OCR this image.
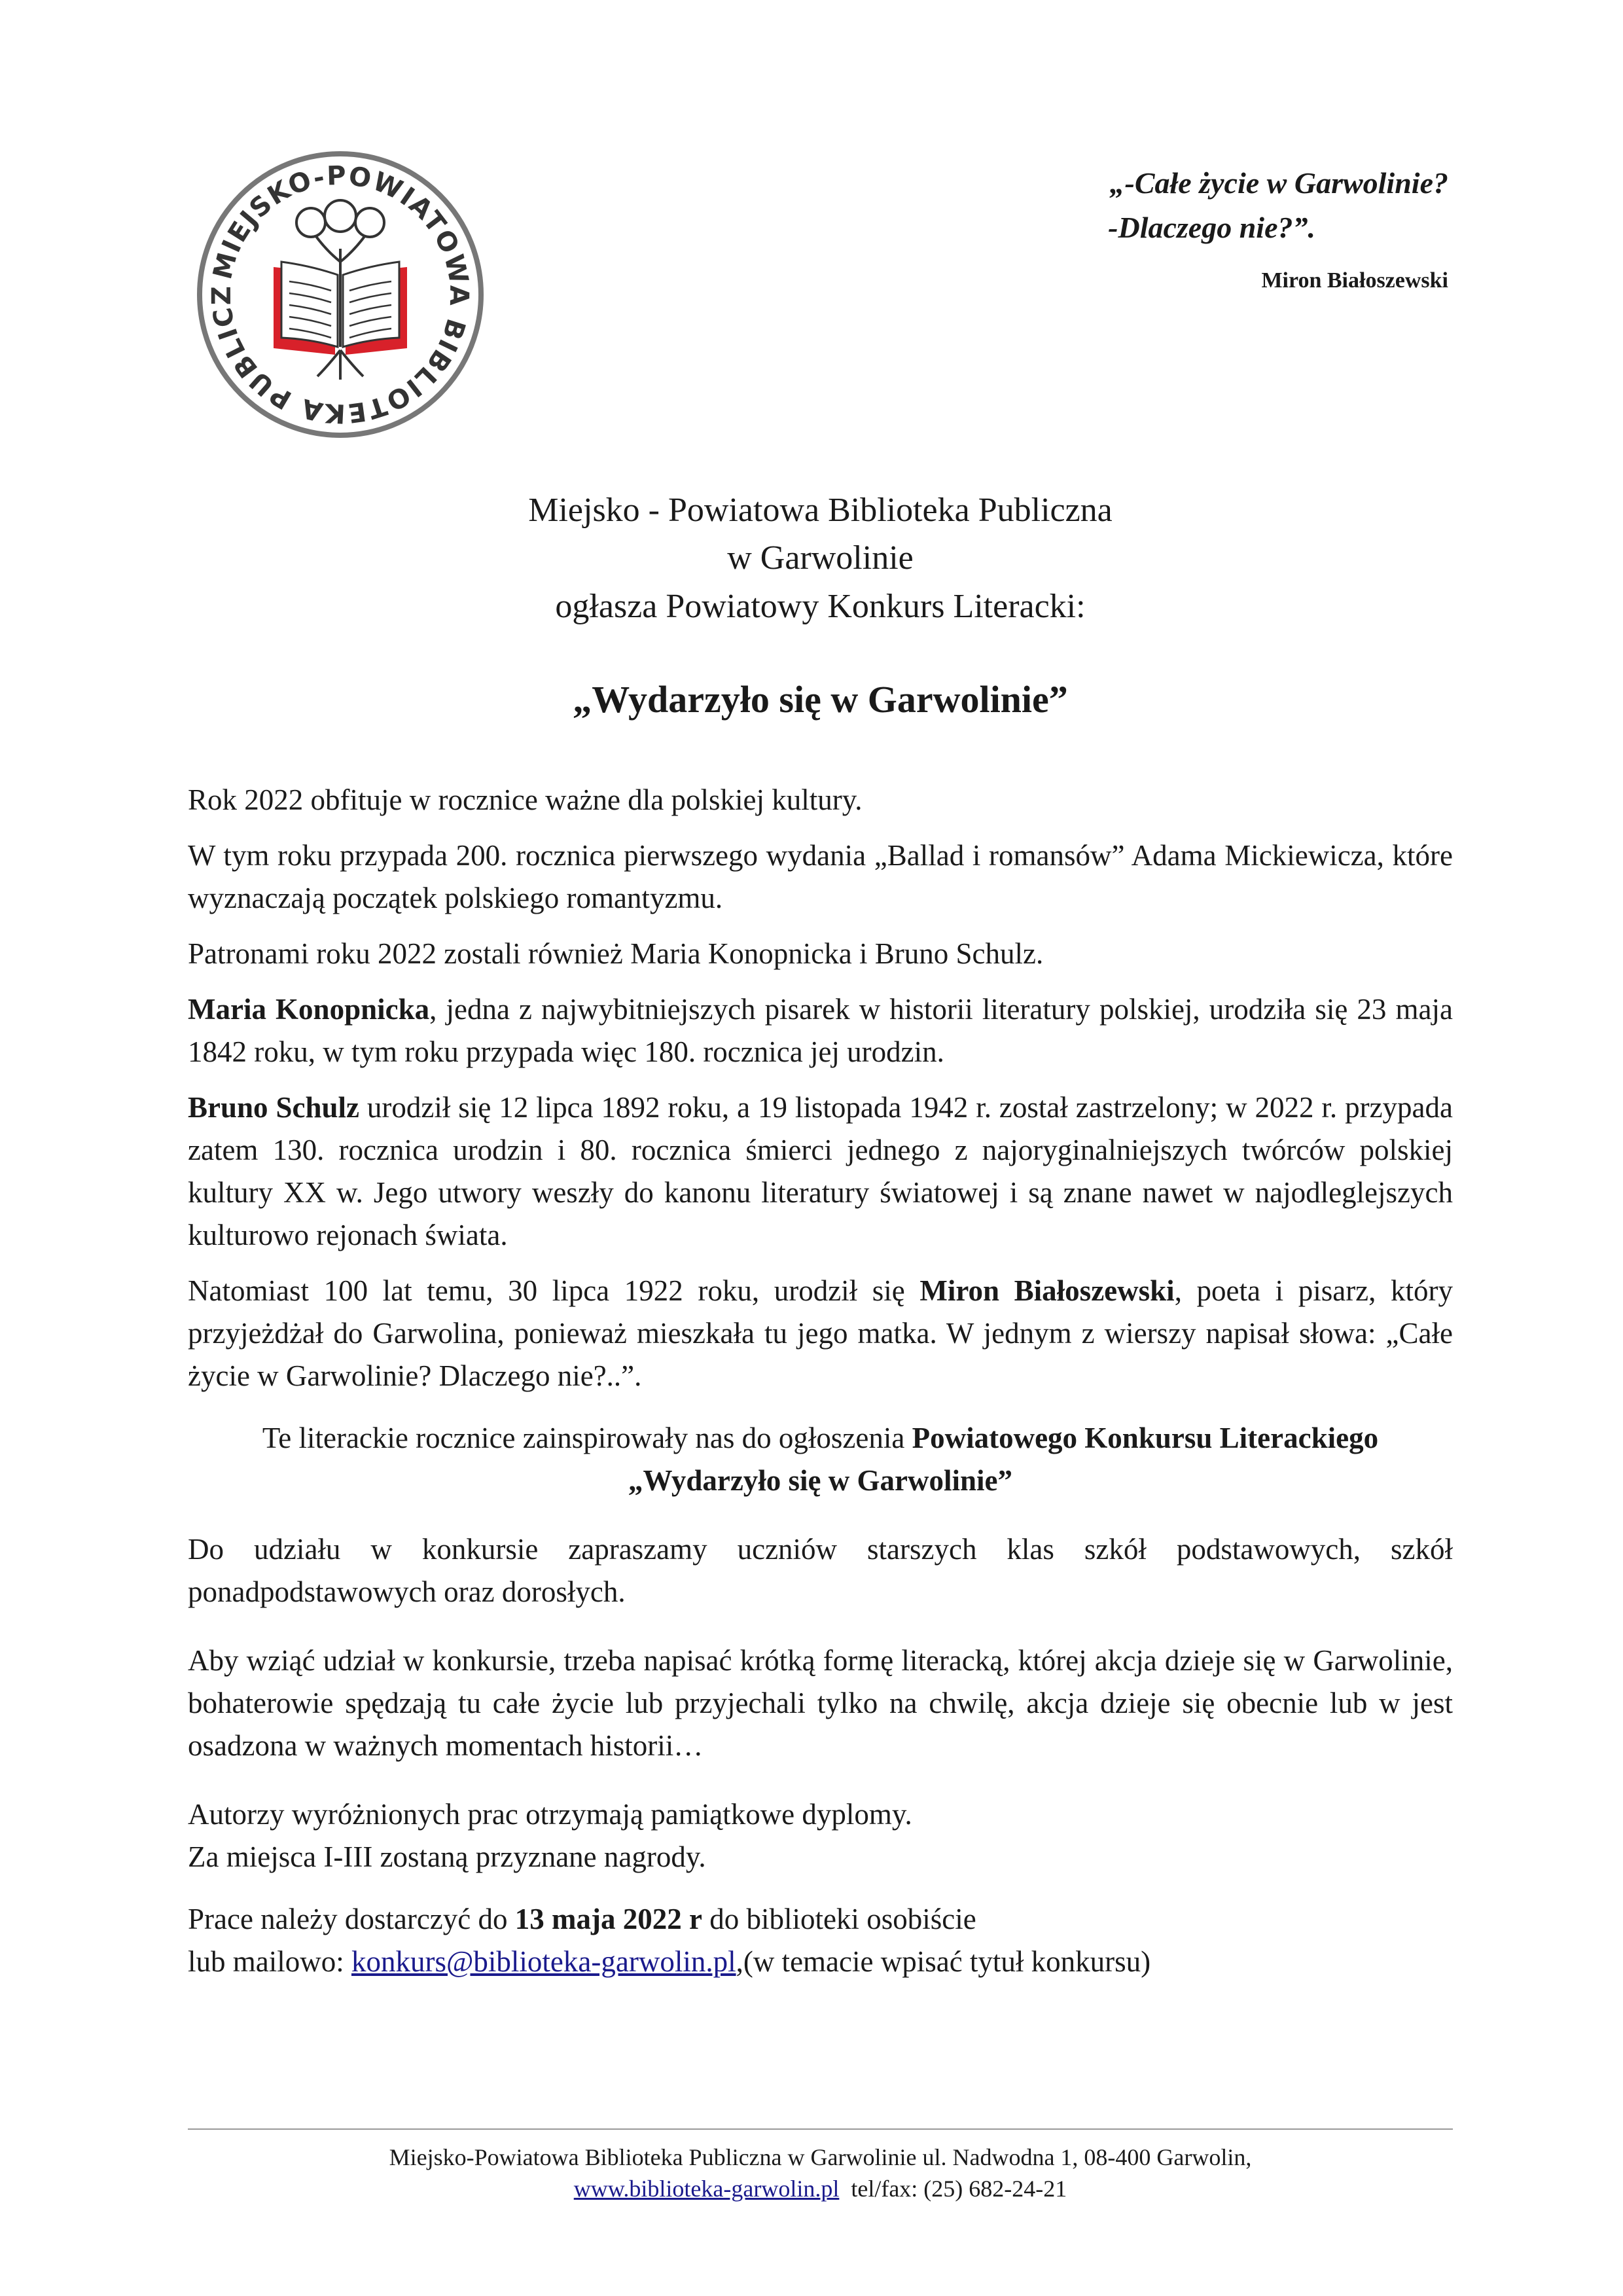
MIEJSKO-POWIATOWA BIBLIOTEKA PUBLICZ
„-Całe życie w Garwolinie?
-Dlaczego nie?”.
Miron Białoszewski
Miejsko - Powiatowa Biblioteka Publiczna
w Garwolinie
ogłasza Powiatowy Konkurs Literacki:
„Wydarzyło się w Garwolinie”

Rok 2022 obfituje w rocznice ważne dla polskiej kultury.

W tym roku przypada 200. rocznica pierwszego wydania „Ballad i romansów” Adama Mickiewicza, które wyznaczają początek polskiego romantyzmu.

Patronami roku 2022 zostali również Maria Konopnicka i Bruno Schulz.

Maria Konopnicka, jedna z najwybitniejszych pisarek w historii literatury polskiej, urodziła się 23 maja 1842 roku, w tym roku przypada więc 180. rocznica jej urodzin.

Bruno Schulz urodził się 12 lipca 1892 roku, a 19 listopada 1942 r. został zastrzelony; w 2022 r. przypada zatem 130. rocznica urodzin i 80. rocznica śmierci jednego z najoryginalniejszych twórców polskiej kultury XX w. Jego utwory weszły do kanonu literatury światowej i są znane nawet w najodleglejszych kulturowo rejonach świata.

Natomiast 100 lat temu, 30 lipca 1922 roku, urodził się Miron Białoszewski, poeta i pisarz, który przyjeżdżał do Garwolina, ponieważ mieszkała tu jego matka. W jednym z wierszy napisał słowa: „Całe życie w Garwolinie? Dlaczego nie?..”.

Te literackie rocznice zainspirowały nas do ogłoszenia Powiatowego Konkursu Literackiego

„Wydarzyło się w Garwolinie”

Do udziału w konkursie zapraszamy uczniów starszych klas szkół podstawowych, szkół ponadpodstawowych oraz dorosłych.

Aby wziąć udział w konkursie, trzeba napisać krótką formę literacką, której akcja dzieje się w Garwolinie, bohaterowie spędzają tu całe życie lub przyjechali tylko na chwilę, akcja dzieje się obecnie lub w jest osadzona w ważnych momentach historii…

Autorzy wyróżnionych prac otrzymają pamiątkowe dyplomy.

Za miejsca I-III zostaną przyznane nagrody.

Prace należy dostarczyć do 13 maja 2022 r do biblioteki osobiście

lub mailowo: konkurs@biblioteka-garwolin.pl,(w temacie wpisać tytuł konkursu)

Miejsko-Powiatowa Biblioteka Publiczna w Garwolinie ul. Nadwodna 1, 08-400 Garwolin,
www.biblioteka-garwolin.pl  tel/fax: (25) 682-24-21
